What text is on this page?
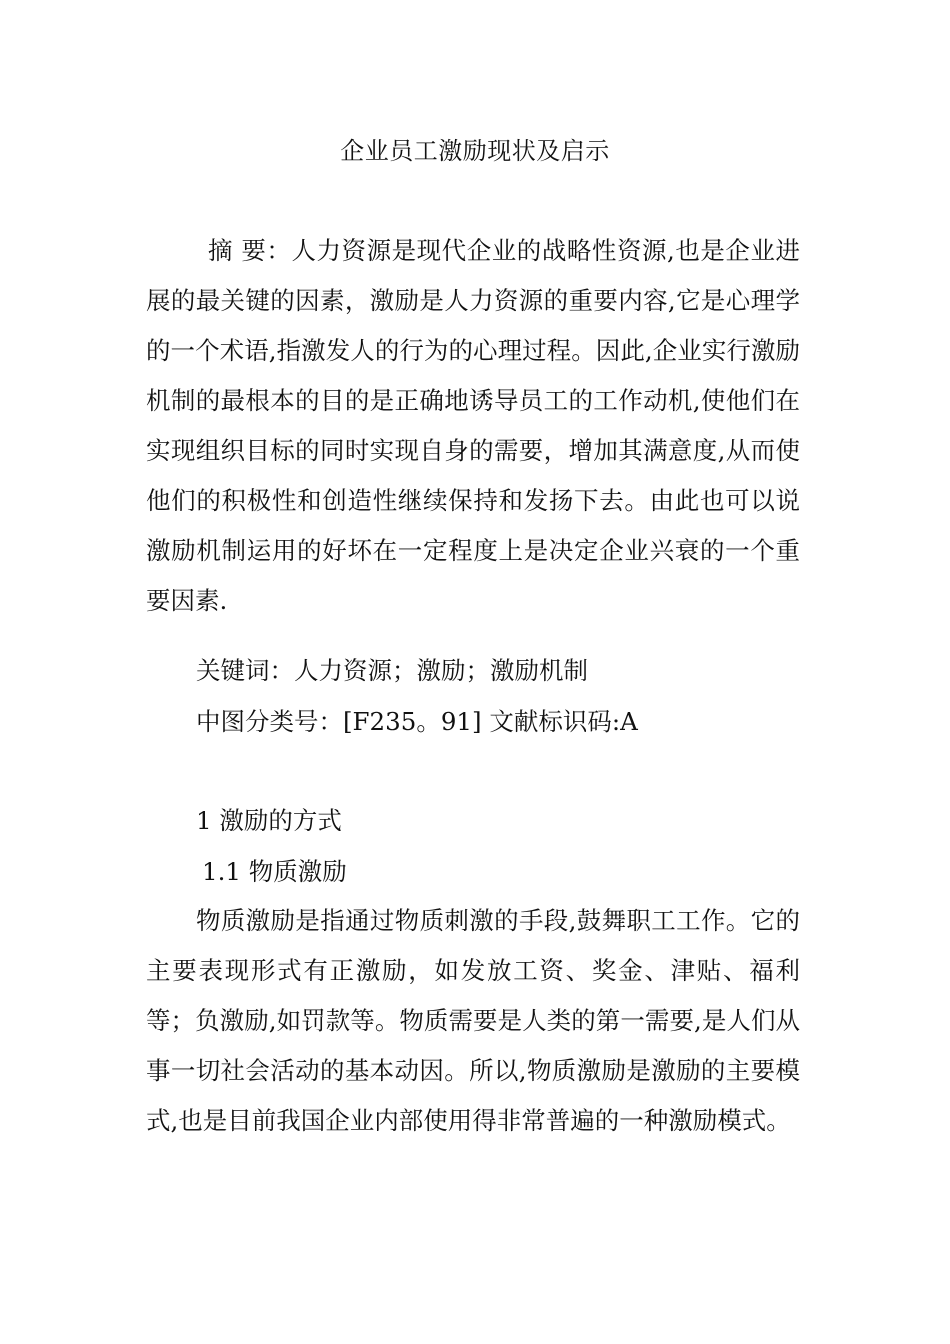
企业员工激励现状及启示

摘 要：人力资源是现代企业的战略性资源,也是企业进展的最关键的因素，激励是人力资源的重要内容,它是心理学的一个术语,指激发人的行为的心理过程。因此,企业实行激励机制的最根本的目的是正确地诱导员工的工作动机,使他们在实现组织目标的同时实现自身的需要，增加其满意度,从而使他们的积极性和创造性继续保持和发扬下去。由此也可以说激励机制运用的好坏在一定程度上是决定企业兴衰的一个重要因素.

关键词：人力资源；激励；激励机制
中图分类号：[F235。91] 文献标识码:A
1 激励的方式
1.1 物质激励

物质激励是指通过物质刺激的手段,鼓舞职工工作。它的主要表现形式有正激励，如发放工资、奖金、津贴、福利等；负激励,如罚款等。物质需要是人类的第一需要,是人们从事一切社会活动的基本动因。所以,物质激励是激励的主要模式,也是目前我国企业内部使用得非常普遍的一种激励模式。
